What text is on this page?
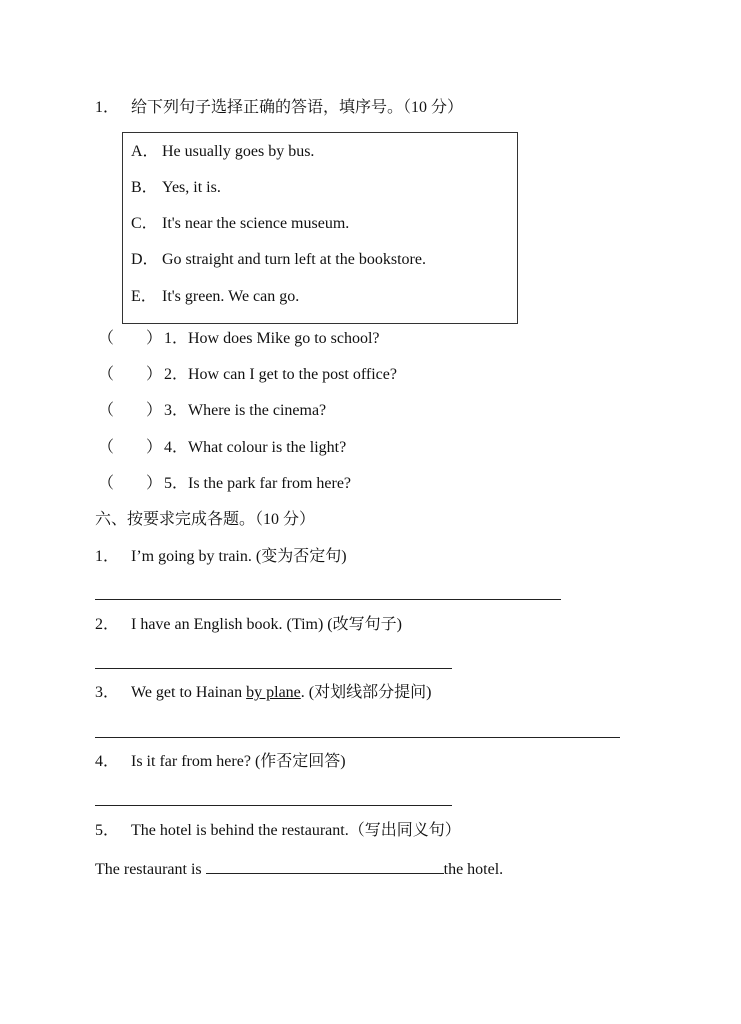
1． 给下列句子选择正确的答语，填序号。（10 分）
A． He usually goes by bus.
B． Yes, it is.
C． It's near the science museum.
D． Go straight and turn left at the bookstore.
E． It's green. We can go.
（　　） 1．How does Mike go to school?
（　　） 2．How can I get to the post office?
（　　） 3．Where is the cinema?
（　　） 4．What colour is the light?
（　　） 5．Is the park far from here?
六、按要求完成各题。（10 分）
1． I’m going by train. (变为否定句)
2． I have an English book. (Tim) (改写句子)
3． We get to Hainan by plane. (对划线部分提问)
4． Is it far from here? (作否定回答)
5． The hotel is behind the restaurant.（写出同义句）
The restaurant is	the hotel.
